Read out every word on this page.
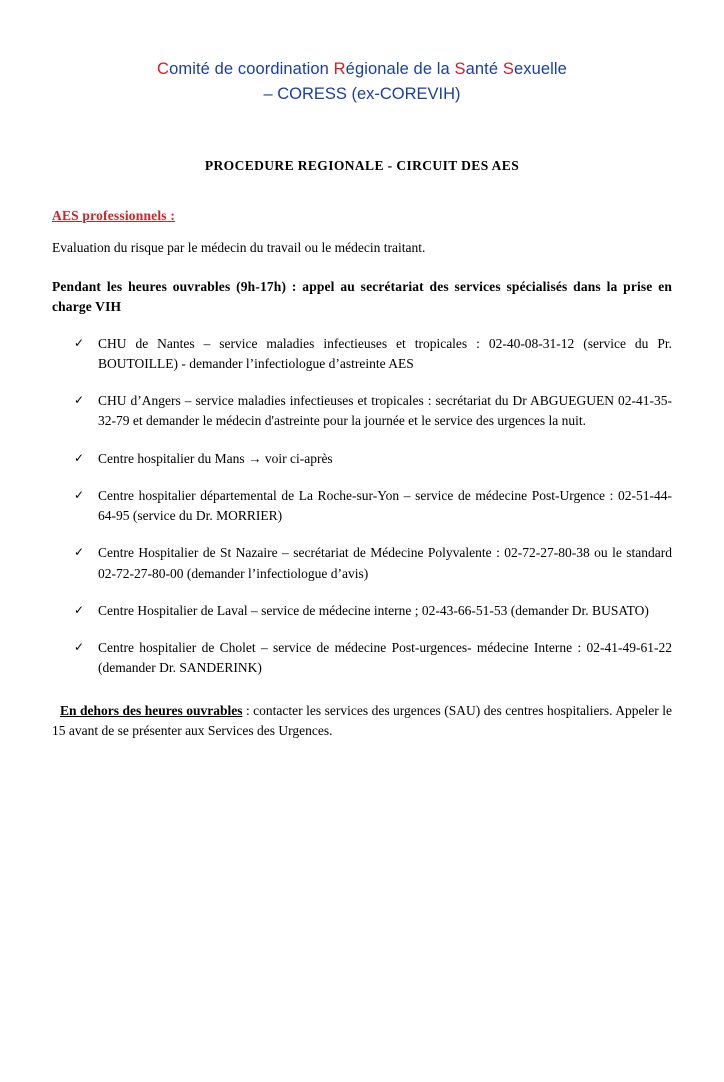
Comité de coordination Régionale de la Santé Sexuelle
– CORESS (ex-COREVIH)
PROCEDURE REGIONALE - CIRCUIT DES AES
AES professionnels :
Evaluation du risque par le médecin du travail ou le médecin traitant.
Pendant les heures ouvrables (9h-17h) : appel au secrétariat des services spécialisés dans la prise en charge VIH
✓ CHU de Nantes – service maladies infectieuses et tropicales : 02-40-08-31-12 (service du Pr. BOUTOILLE) - demander l’infectiologue d’astreinte AES
✓ CHU d’Angers – service maladies infectieuses et tropicales : secrétariat du Dr ABGUEGUEN 02-41-35-32-79 et demander le médecin d'astreinte pour la journée et le service des urgences la nuit.
✓ Centre hospitalier du Mans → voir ci-après
✓ Centre hospitalier départemental de La Roche-sur-Yon – service de médecine Post-Urgence : 02-51-44-64-95 (service du Dr. MORRIER)
✓ Centre Hospitalier de St Nazaire – secrétariat de Médecine Polyvalente : 02-72-27-80-38 ou le standard 02-72-27-80-00 (demander l’infectiologue d’avis)
✓ Centre Hospitalier de Laval – service de médecine interne ; 02-43-66-51-53 (demander Dr. BUSATO)
✓ Centre hospitalier de Cholet – service de médecine Post-urgences- médecine Interne : 02-41-49-61-22 (demander Dr. SANDERINK)
En dehors des heures ouvrables : contacter les services des urgences (SAU) des centres hospitaliers. Appeler le 15 avant de se présenter aux Services des Urgences.
